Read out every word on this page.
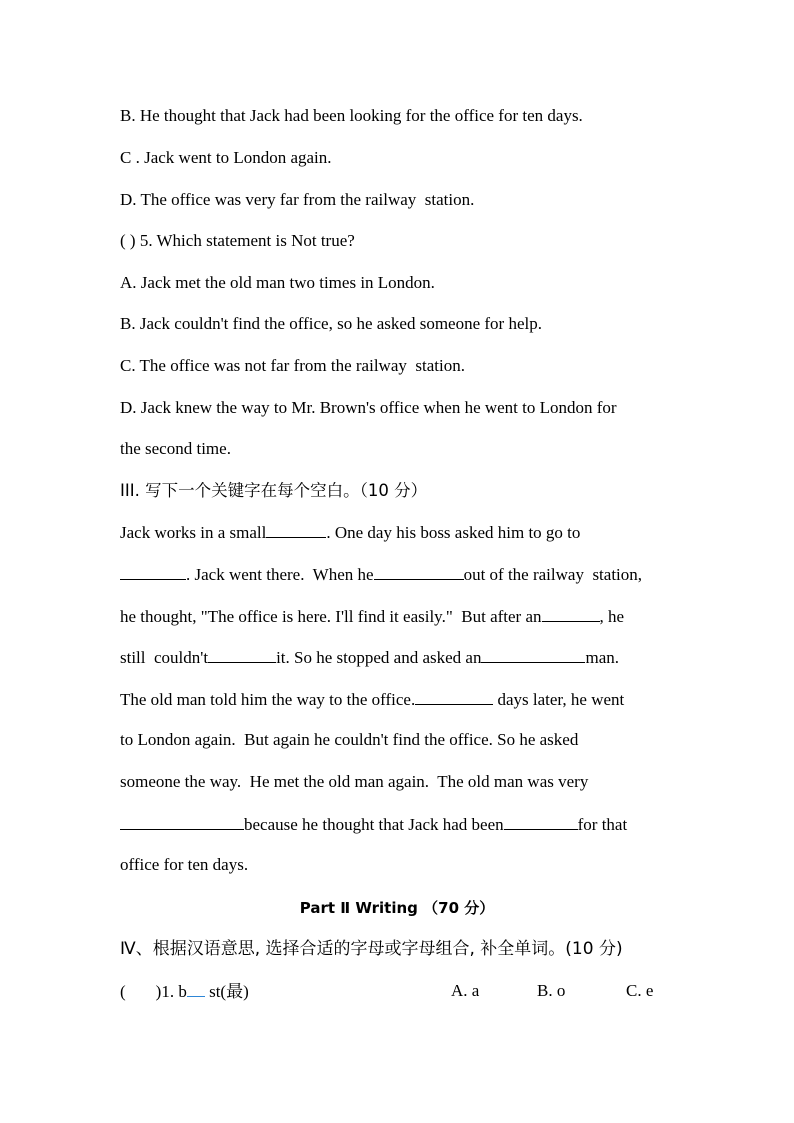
B. He thought that Jack had been looking for the office for ten days.
C . Jack went to London again.
D. The office was very far from the railway  station.
( ) 5. Which statement is Not true?
A. Jack met the old man two times in London.
B. Jack couldn't find the office, so he asked someone for help.
C. The office was not far from the railway  station.
D. Jack knew the way to Mr. Brown's office when he went to London for
the second time.
III. 写下一个关键字在每个空白。（10 分）
Jack works in a small	. One day his boss asked him to go to
. Jack went there.  When he	out of the railway  station,
he thought, "The office is here. I'll find it easily."  But after an	, he
still  couldn't	it. So he stopped and asked an	man.
The old man told him the way to the office.	days later, he went
to London again.  But again he couldn't find the office. So he asked
someone the way.  He met the old man again.  The old man was very
because he thought that Jack had been	for that
office for ten days.
Part Ⅱ Writing （70 分）
Ⅳ、根据汉语意思, 选择合适的字母或字母组合, 补全单词。(10 分)
( )1. b st(最)	A. a	B. o	C. e
